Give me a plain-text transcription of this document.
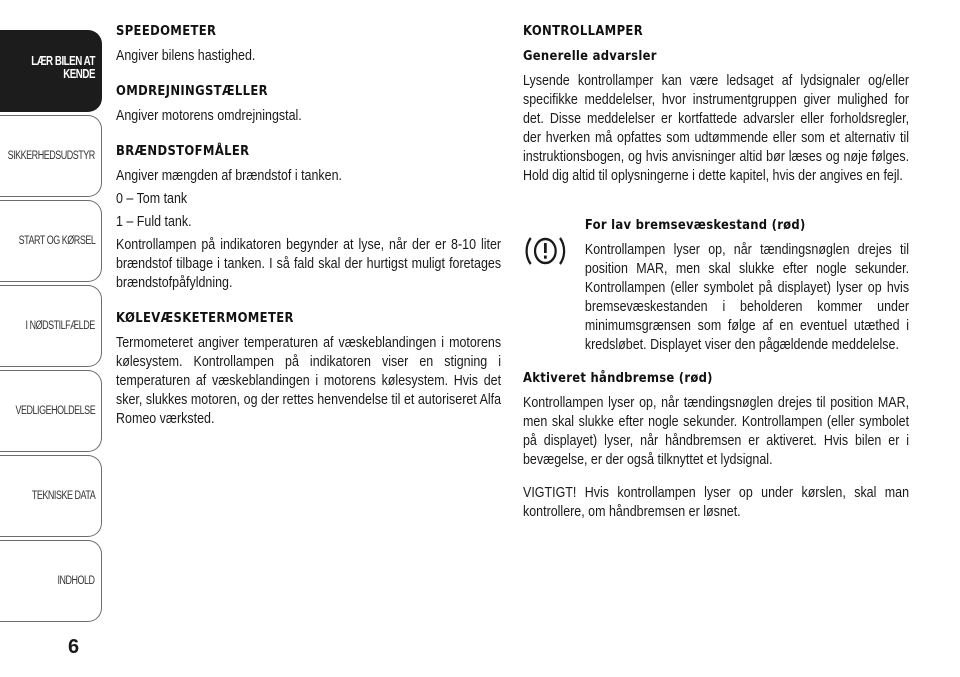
LÆR BILEN AT KENDE
SIKKERHEDSUDSTYR
START OG KØRSEL
I NØDSTILFÆLDE
VEDLIGEHOLDELSE
TEKNISKE DATA
INDHOLD
6
SPEEDOMETER

Angiver bilens hastighed.

OMDREJNINGSTÆLLER

Angiver motorens omdrejningstal.

BRÆNDSTOFMÅLER

Angiver mængden af brændstof i tanken.

0 – Tom tank

1 – Fuld tank.

Kontrollampen på indikatoren begynder at lyse, når der er 8-10 liter brændstof tilbage i tanken. I så fald skal der hurtigst muligt foretages brændstofpåfyldning.

KØLEVÆSKETERMOMETER

Termometeret angiver temperaturen af væskeblandingen i motorens kølesystem. Kontrollampen på indikatoren viser en stigning i temperaturen af væskeblandingen i motorens kølesystem. Hvis det sker, slukkes motoren, og der rettes henvendelse til et autoriseret Alfa Romeo værksted.

KONTROLLAMPER
Generelle advarsler

Lysende kontrollamper kan være ledsaget af lydsignaler og/eller specifikke meddelelser, hvor instrumentgruppen giver mulighed for det. Disse meddelelser er kortfattede advarsler eller forholdsregler, der hverken må opfattes som udtømmende eller som et alternativ til instruktionsbogen, og hvis anvisninger altid bør læses og nøje følges. Hold dig altid til oplysningerne i dette kapitel, hvis der angives en fejl.

For lav bremsevæskestand (rød)

Kontrollampen lyser op, når tændingsnøglen drejes til position MAR, men skal slukke efter nogle sekunder. Kontrollampen (eller symbolet på displayet) lyser op hvis bremsevæskestanden i beholderen kommer under minimumsgrænsen som følge af en eventuel utæthed i kredsløbet. Displayet viser den pågældende meddelelse.

Aktiveret håndbremse (rød)

Kontrollampen lyser op, når tændingsnøglen drejes til position MAR, men skal slukke efter nogle sekunder. Kontrollampen (eller symbolet på displayet) lyser, når håndbremsen er aktiveret. Hvis bilen er i bevægelse, er der også tilknyttet et lydsignal.

VIGTIGT! Hvis kontrollampen lyser op under kørslen, skal man kontrollere, om håndbremsen er løsnet.
